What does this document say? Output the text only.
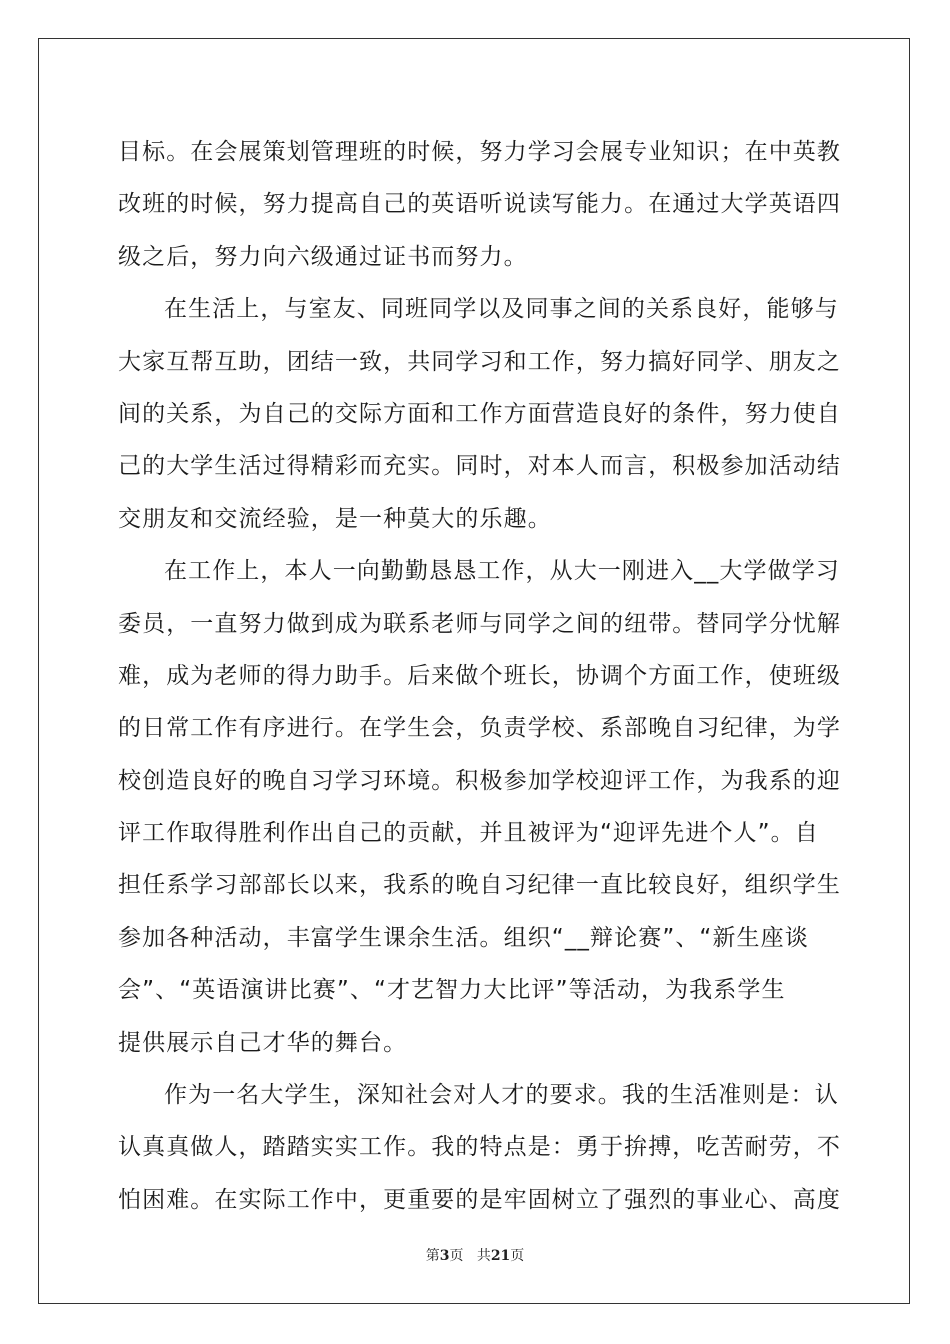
目标。在会展策划管理班的时候，努力学习会展专业知识；在中英教
改班的时候，努力提高自己的英语听说读写能力。在通过大学英语四
级之后，努力向六级通过证书而努力。
在生活上，与室友、同班同学以及同事之间的关系良好，能够与
大家互帮互助，团结一致，共同学习和工作，努力搞好同学、朋友之
间的关系，为自己的交际方面和工作方面营造良好的条件，努力使自
己的大学生活过得精彩而充实。同时，对本人而言，积极参加活动结
交朋友和交流经验，是一种莫大的乐趣。
在工作上，本人一向勤勤恳恳工作，从大一刚进入__大学做学习
委员，一直努力做到成为联系老师与同学之间的纽带。替同学分忧解
难，成为老师的得力助手。后来做个班长，协调个方面工作，使班级
的日常工作有序进行。在学生会，负责学校、系部晚自习纪律，为学
校创造良好的晚自习学习环境。积极参加学校迎评工作，为我系的迎
评工作取得胜利作出自己的贡献，并且被评为“迎评先进个人”。自
担任系学习部部长以来，我系的晚自习纪律一直比较良好，组织学生
参加各种活动，丰富学生课余生活。组织“__辩论赛”、“新生座谈
会”、“英语演讲比赛”、“才艺智力大比评”等活动，为我系学生
提供展示自己才华的舞台。
作为一名大学生，深知社会对人才的要求。我的生活准则是：认
认真真做人，踏踏实实工作。我的特点是：勇于拚搏，吃苦耐劳，不
怕困难。在实际工作中，更重要的是牢固树立了强烈的事业心、高度
第3页 共21页
